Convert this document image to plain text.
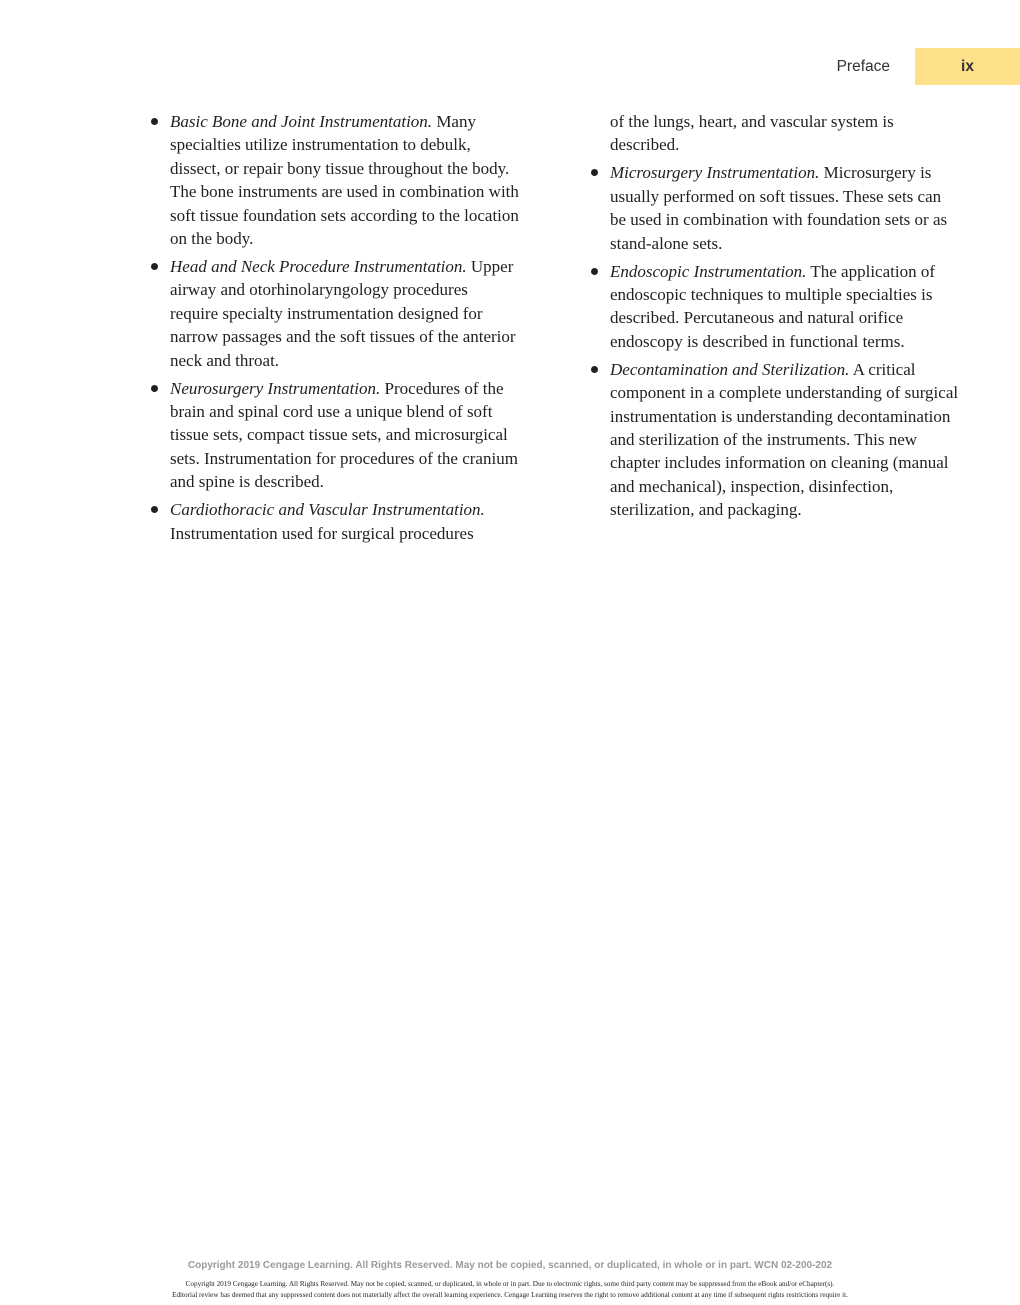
Preface	ix
Basic Bone and Joint Instrumentation. Many specialties utilize instrumentation to debulk, dissect, or repair bony tissue throughout the body. The bone instruments are used in combination with soft tissue foundation sets according to the location on the body.
Head and Neck Procedure Instrumentation. Upper airway and otorhinolaryngology procedures require specialty instrumentation designed for narrow passages and the soft tissues of the anterior neck and throat.
Neurosurgery Instrumentation. Procedures of the brain and spinal cord use a unique blend of soft tissue sets, compact tissue sets, and microsurgical sets. Instrumentation for procedures of the cranium and spine is described.
Cardiothoracic and Vascular Instrumentation. Instrumentation used for surgical procedures

of the lungs, heart, and vascular system is described.

Microsurgery Instrumentation. Microsurgery is usually performed on soft tissues. These sets can be used in combination with foundation sets or as stand-alone sets.
Endoscopic Instrumentation. The application of endoscopic techniques to multiple specialties is described. Percutaneous and natural orifice endoscopy is described in functional terms.
Decontamination and Sterilization. A critical component in a complete understanding of surgical instrumentation is understanding decontamination and sterilization of the instruments. This new chapter includes information on cleaning (manual and mechanical), inspection, disinfection, sterilization, and packaging.
Copyright 2019 Cengage Learning. All Rights Reserved. May not be copied, scanned, or duplicated, in whole or in part. WCN 02-200-202
Copyright 2019 Cengage Learning. All Rights Reserved. May not be copied, scanned, or duplicated, in whole or in part. Due to electronic rights, some third party content may be suppressed from the eBook and/or eChapter(s).
Editorial review has deemed that any suppressed content does not materially affect the overall learning experience. Cengage Learning reserves the right to remove additional content at any time if subsequent rights restrictions require it.
